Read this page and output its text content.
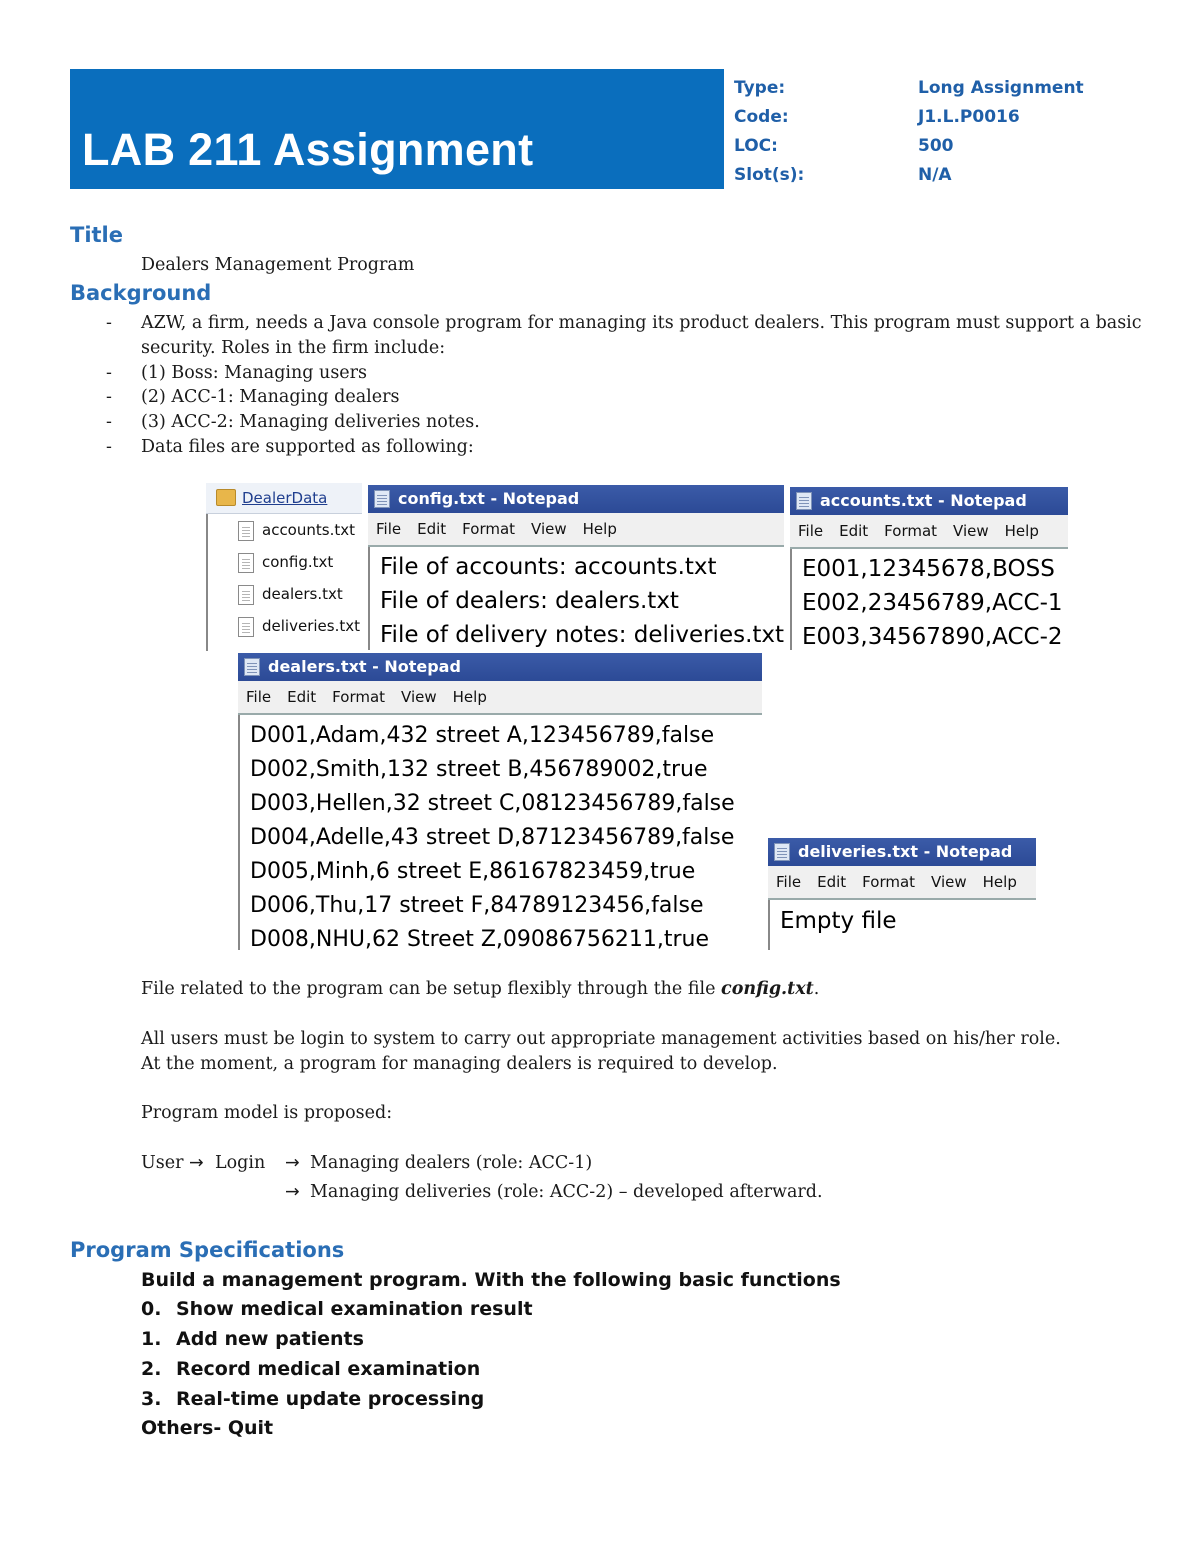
LAB 211 Assignment
Type:	Long Assignment
Code:	J1.L.P0016
LOC:	500
Slot(s):	N/A
Title
Dealers Management Program
Background
- AZW, a firm, needs a Java console program for managing its product dealers. This program must support a basic
security. Roles in the firm include:
- (1) Boss: Managing users
- (2) ACC-1: Managing dealers
- (3) ACC-2: Managing deliveries notes.
- Data files are supported as following:
DealerData
accounts.txt
config.txt
dealers.txt
deliveries.txt
config.txt - Notepad
File Edit Format View Help
File of accounts: accounts.txt
File of dealers: dealers.txt
File of delivery notes: deliveries.txt
accounts.txt - Notepad
File Edit Format View Help
E001,12345678,BOSS
E002,23456789,ACC-1
E003,34567890,ACC-2
dealers.txt - Notepad
File Edit Format View Help
D001,Adam,432 street A,123456789,false
D002,Smith,132 street B,456789002,true
D003,Hellen,32 street C,08123456789,false
D004,Adelle,43 street D,87123456789,false
D005,Minh,6 street E,86167823459,true
D006,Thu,17 street F,84789123456,false
D008,NHU,62 Street Z,09086756211,true
deliveries.txt - Notepad
File Edit Format View Help
Empty file
File related to the program can be setup flexibly through the file config.txt.
All users must be login to system to carry out appropriate management activities based on his/her role.
At the moment, a program for managing dealers is required to develop.
Program model is proposed:
User → Login → Managing dealers (role: ACC-1)
→ Managing deliveries (role: ACC-2) – developed afterward.
Program Specifications
Build a management program. With the following basic functions
0. Show medical examination result
1. Add new patients
2. Record medical examination
3. Real-time update processing
Others- Quit
